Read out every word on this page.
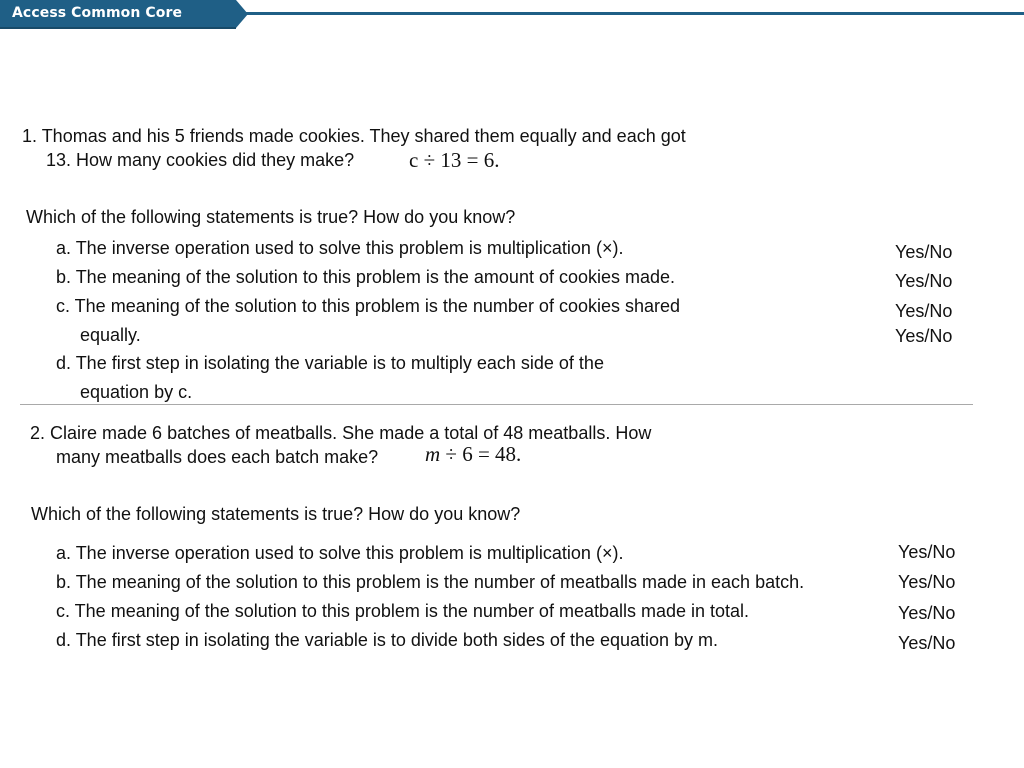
Access Common Core
1. Thomas and his 5 friends made cookies. They shared them equally and each got
13. How many cookies did they make?	c ÷ 13 = 6.
Which of the following statements is true? How do you know?
a. The inverse operation used to solve this problem is multiplication (×).
b. The meaning of the solution to this problem is the amount of cookies made.
c. The meaning of the solution to this problem is the number of cookies shared
equally.
d. The first step in isolating the variable is to multiply each side of the
equation by c.
Yes/No
Yes/No
Yes/No
Yes/No
2. Claire made 6 batches of meatballs. She made a total of 48 meatballs. How
many meatballs does each batch make? m ÷ 6 = 48.
Which of the following statements is true? How do you know?
a. The inverse operation used to solve this problem is multiplication (×).
b. The meaning of the solution to this problem is the number of meatballs made in each batch.
c. The meaning of the solution to this problem is the number of meatballs made in total.
d. The first step in isolating the variable is to divide both sides of the equation by m.
Yes/No
Yes/No
Yes/No
Yes/No
